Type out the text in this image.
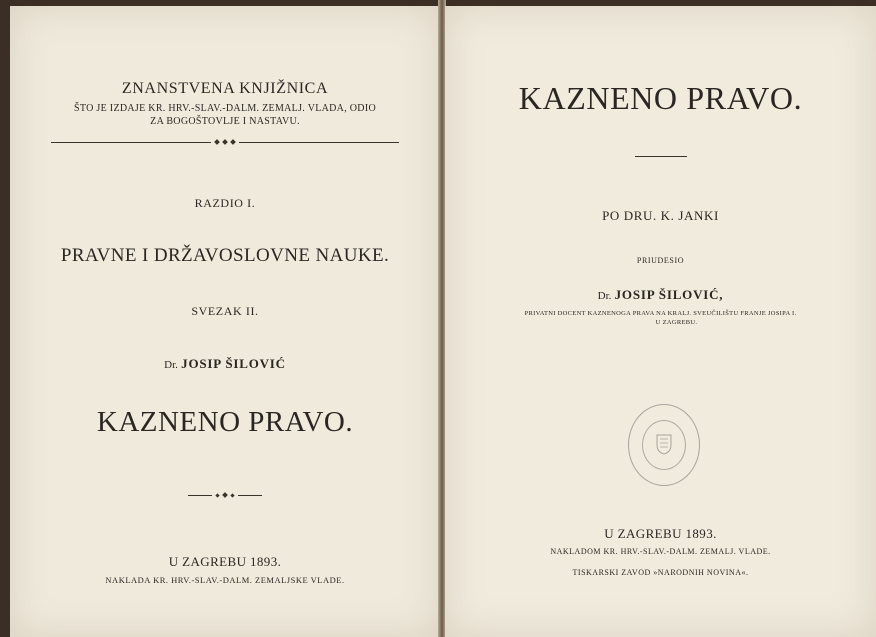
ZNANSTVENA KNJIŽNICA
ŠTO JE IZDAJE KR. HRV.-SLAV.-DALM. ZEMALJ. VLADA, ODIO
ZA BOGOŠTOVLJE I NASTAVU.
RAZDIO I.
PRAVNE I DRŽAVOSLOVNE NAUKE.
SVEZAK II.
Dr. JOSIP ŠILOVIĆ
KAZNENO PRAVO.
U ZAGREBU 1893.
NAKLADA KR. HRV.-SLAV.-DALM. ZEMALJSKE VLADE.
KAZNENO PRAVO.
PO DRU. K. JANKI
PRIUDESIO
Dr. JOSIP ŠILOVIĆ,
PRIVATNI DOCENT KAZNENOGA PRAVA NA KRALJ. SVEUČILIŠTU FRANJE JOSIPA I.
U ZAGREBU.
U ZAGREBU 1893.
NAKLADOM KR. HRV.-SLAV.-DALM. ZEMALJ. VLADE.
TISKARSKI ZAVOD »NARODNIH NOVINA«.
